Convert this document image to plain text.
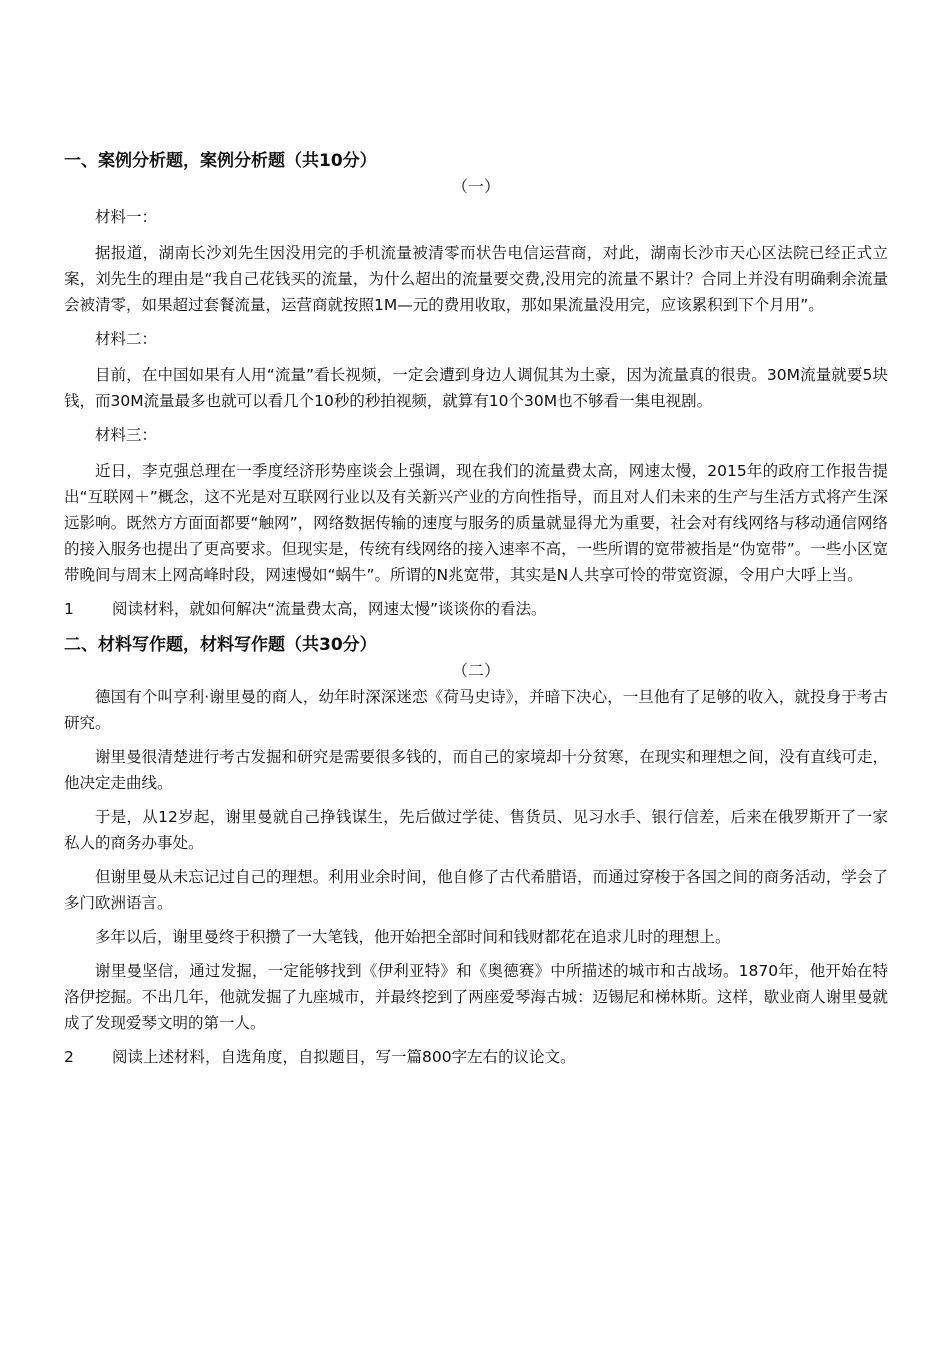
一、案例分析题，案例分析题（共10分）

（一）

材料一：

据报道，湖南长沙刘先生因没用完的手机流量被清零而状告电信运营商，对此，湖南长沙市天心区法院已经正式立案，刘先生的理由是“我自己花钱买的流量，为什么超出的流量要交费,没用完的流量不累计？合同上并没有明确剩余流量会被清零，如果超过套餐流量，运营商就按照1M—元的费用收取，那如果流量没用完，应该累积到下个月用”。

材料二：

目前，在中国如果有人用“流量”看长视频，一定会遭到身边人调侃其为土豪，因为流量真的很贵。30M流量就要5块钱，而30M流量最多也就可以看几个10秒的秒拍视频，就算有10个30M也不够看一集电视剧。

材料三：

近日，李克强总理在一季度经济形势座谈会上强调，现在我们的流量费太高，网速太慢，2015年的政府工作报告提出“互联网＋”概念，这不光是对互联网行业以及有关新兴产业的方向性指导，而且对人们未来的生产与生活方式将产生深远影响。既然方方面面都要“触网”，网络数据传输的速度与服务的质量就显得尤为重要，社会对有线网络与移动通信网络的接入服务也提出了更高要求。但现实是，传统有线网络的接入速率不高，一些所谓的宽带被指是“伪宽带”。一些小区宽带晚间与周末上网高峰时段，网速慢如“蜗牛”。所谓的N兆宽带，其实是N人共享可怜的带宽资源，令用户大呼上当。

1	阅读材料，就如何解决“流量费太高，网速太慢”谈谈你的看法。

二、材料写作题，材料写作题（共30分）

（二）

德国有个叫亨利·谢里曼的商人，幼年时深深迷恋《荷马史诗》，并暗下决心，一旦他有了足够的收入，就投身于考古研究。

谢里曼很清楚进行考古发掘和研究是需要很多钱的，而自己的家境却十分贫寒，在现实和理想之间，没有直线可走，他决定走曲线。

于是，从12岁起，谢里曼就自己挣钱谋生，先后做过学徒、售货员、见习水手、银行信差，后来在俄罗斯开了一家私人的商务办事处。

但谢里曼从未忘记过自己的理想。利用业余时间，他自修了古代希腊语，而通过穿梭于各国之间的商务活动，学会了多门欧洲语言。

多年以后，谢里曼终于积攒了一大笔钱，他开始把全部时间和钱财都花在追求儿时的理想上。

谢里曼坚信，通过发掘，一定能够找到《伊利亚特》和《奥德赛》中所描述的城市和古战场。1870年，他开始在特洛伊挖掘。不出几年，他就发掘了九座城市，并最终挖到了两座爱琴海古城：迈锡尼和梯林斯。这样，歇业商人谢里曼就成了发现爱琴文明的第一人。

2	阅读上述材料，自选角度，自拟题目，写一篇800字左右的议论文。
